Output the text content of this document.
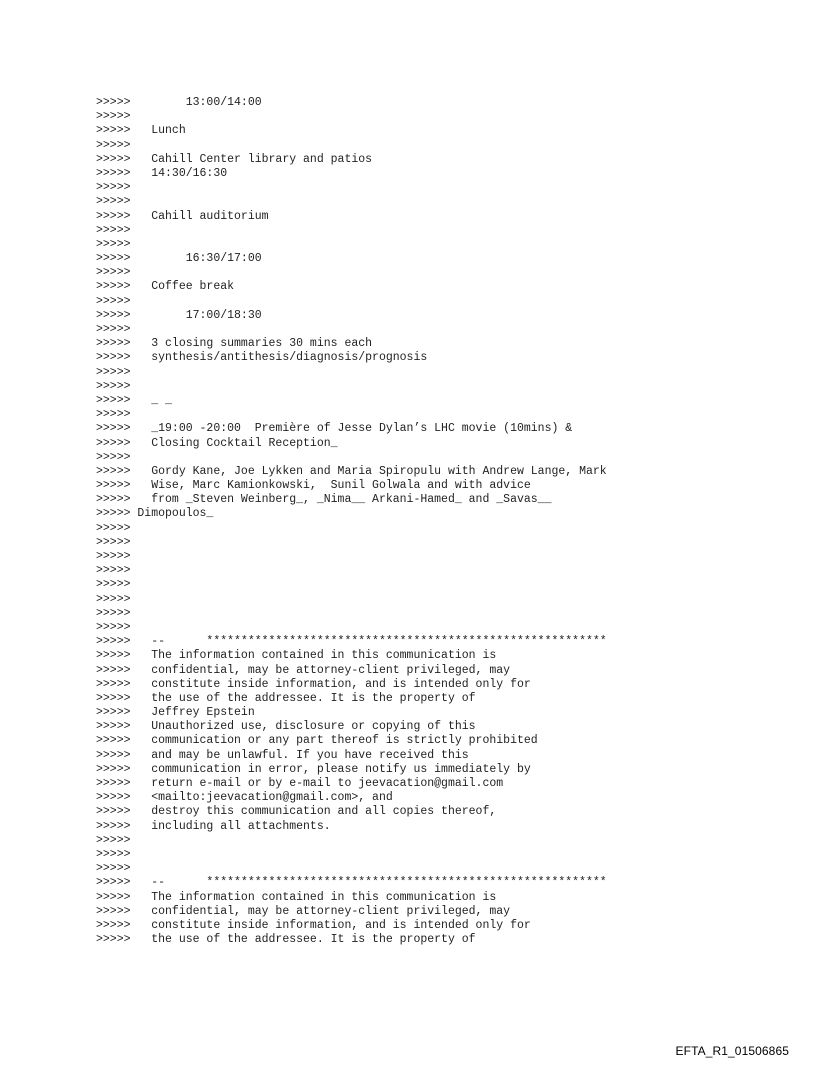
>>>>>        13:00/14:00
>>>>>
>>>>>   Lunch
>>>>>
>>>>>   Cahill Center library and patios
>>>>>   14:30/16:30
>>>>>
>>>>>
>>>>>   Cahill auditorium
>>>>>
>>>>>
>>>>>        16:30/17:00
>>>>>
>>>>>   Coffee break
>>>>>
>>>>>        17:00/18:30
>>>>>
>>>>>   3 closing summaries 30 mins each
>>>>>   synthesis/antithesis/diagnosis/prognosis
>>>>>
>>>>>
>>>>>   _ _
>>>>>
>>>>>   _19:00 -20:00  Première of Jesse Dylan’s LHC movie (10mins) &
>>>>>   Closing Cocktail Reception_
>>>>>
>>>>>   Gordy Kane, Joe Lykken and Maria Spiropulu with Andrew Lange, Mark
>>>>>   Wise, Marc Kamionkowski,  Sunil Golwala and with advice
>>>>>   from _Steven Weinberg_, _Nima__ Arkani-Hamed_ and _Savas__
>>>>> Dimopoulos_
>>>>>
>>>>>
>>>>>
>>>>>
>>>>>
>>>>>
>>>>>
>>>>>
>>>>>   --      **********************************************************
>>>>>   The information contained in this communication is
>>>>>   confidential, may be attorney-client privileged, may
>>>>>   constitute inside information, and is intended only for
>>>>>   the use of the addressee. It is the property of
>>>>>   Jeffrey Epstein
>>>>>   Unauthorized use, disclosure or copying of this
>>>>>   communication or any part thereof is strictly prohibited
>>>>>   and may be unlawful. If you have received this
>>>>>   communication in error, please notify us immediately by
>>>>>   return e-mail or by e-mail to jeevacation@gmail.com
>>>>>   <mailto:jeevacation@gmail.com>, and
>>>>>   destroy this communication and all copies thereof,
>>>>>   including all attachments.
>>>>>
>>>>>
>>>>>
>>>>>   --      **********************************************************
>>>>>   The information contained in this communication is
>>>>>   confidential, may be attorney-client privileged, may
>>>>>   constitute inside information, and is intended only for
>>>>>   the use of the addressee. It is the property of
EFTA_R1_01506865
